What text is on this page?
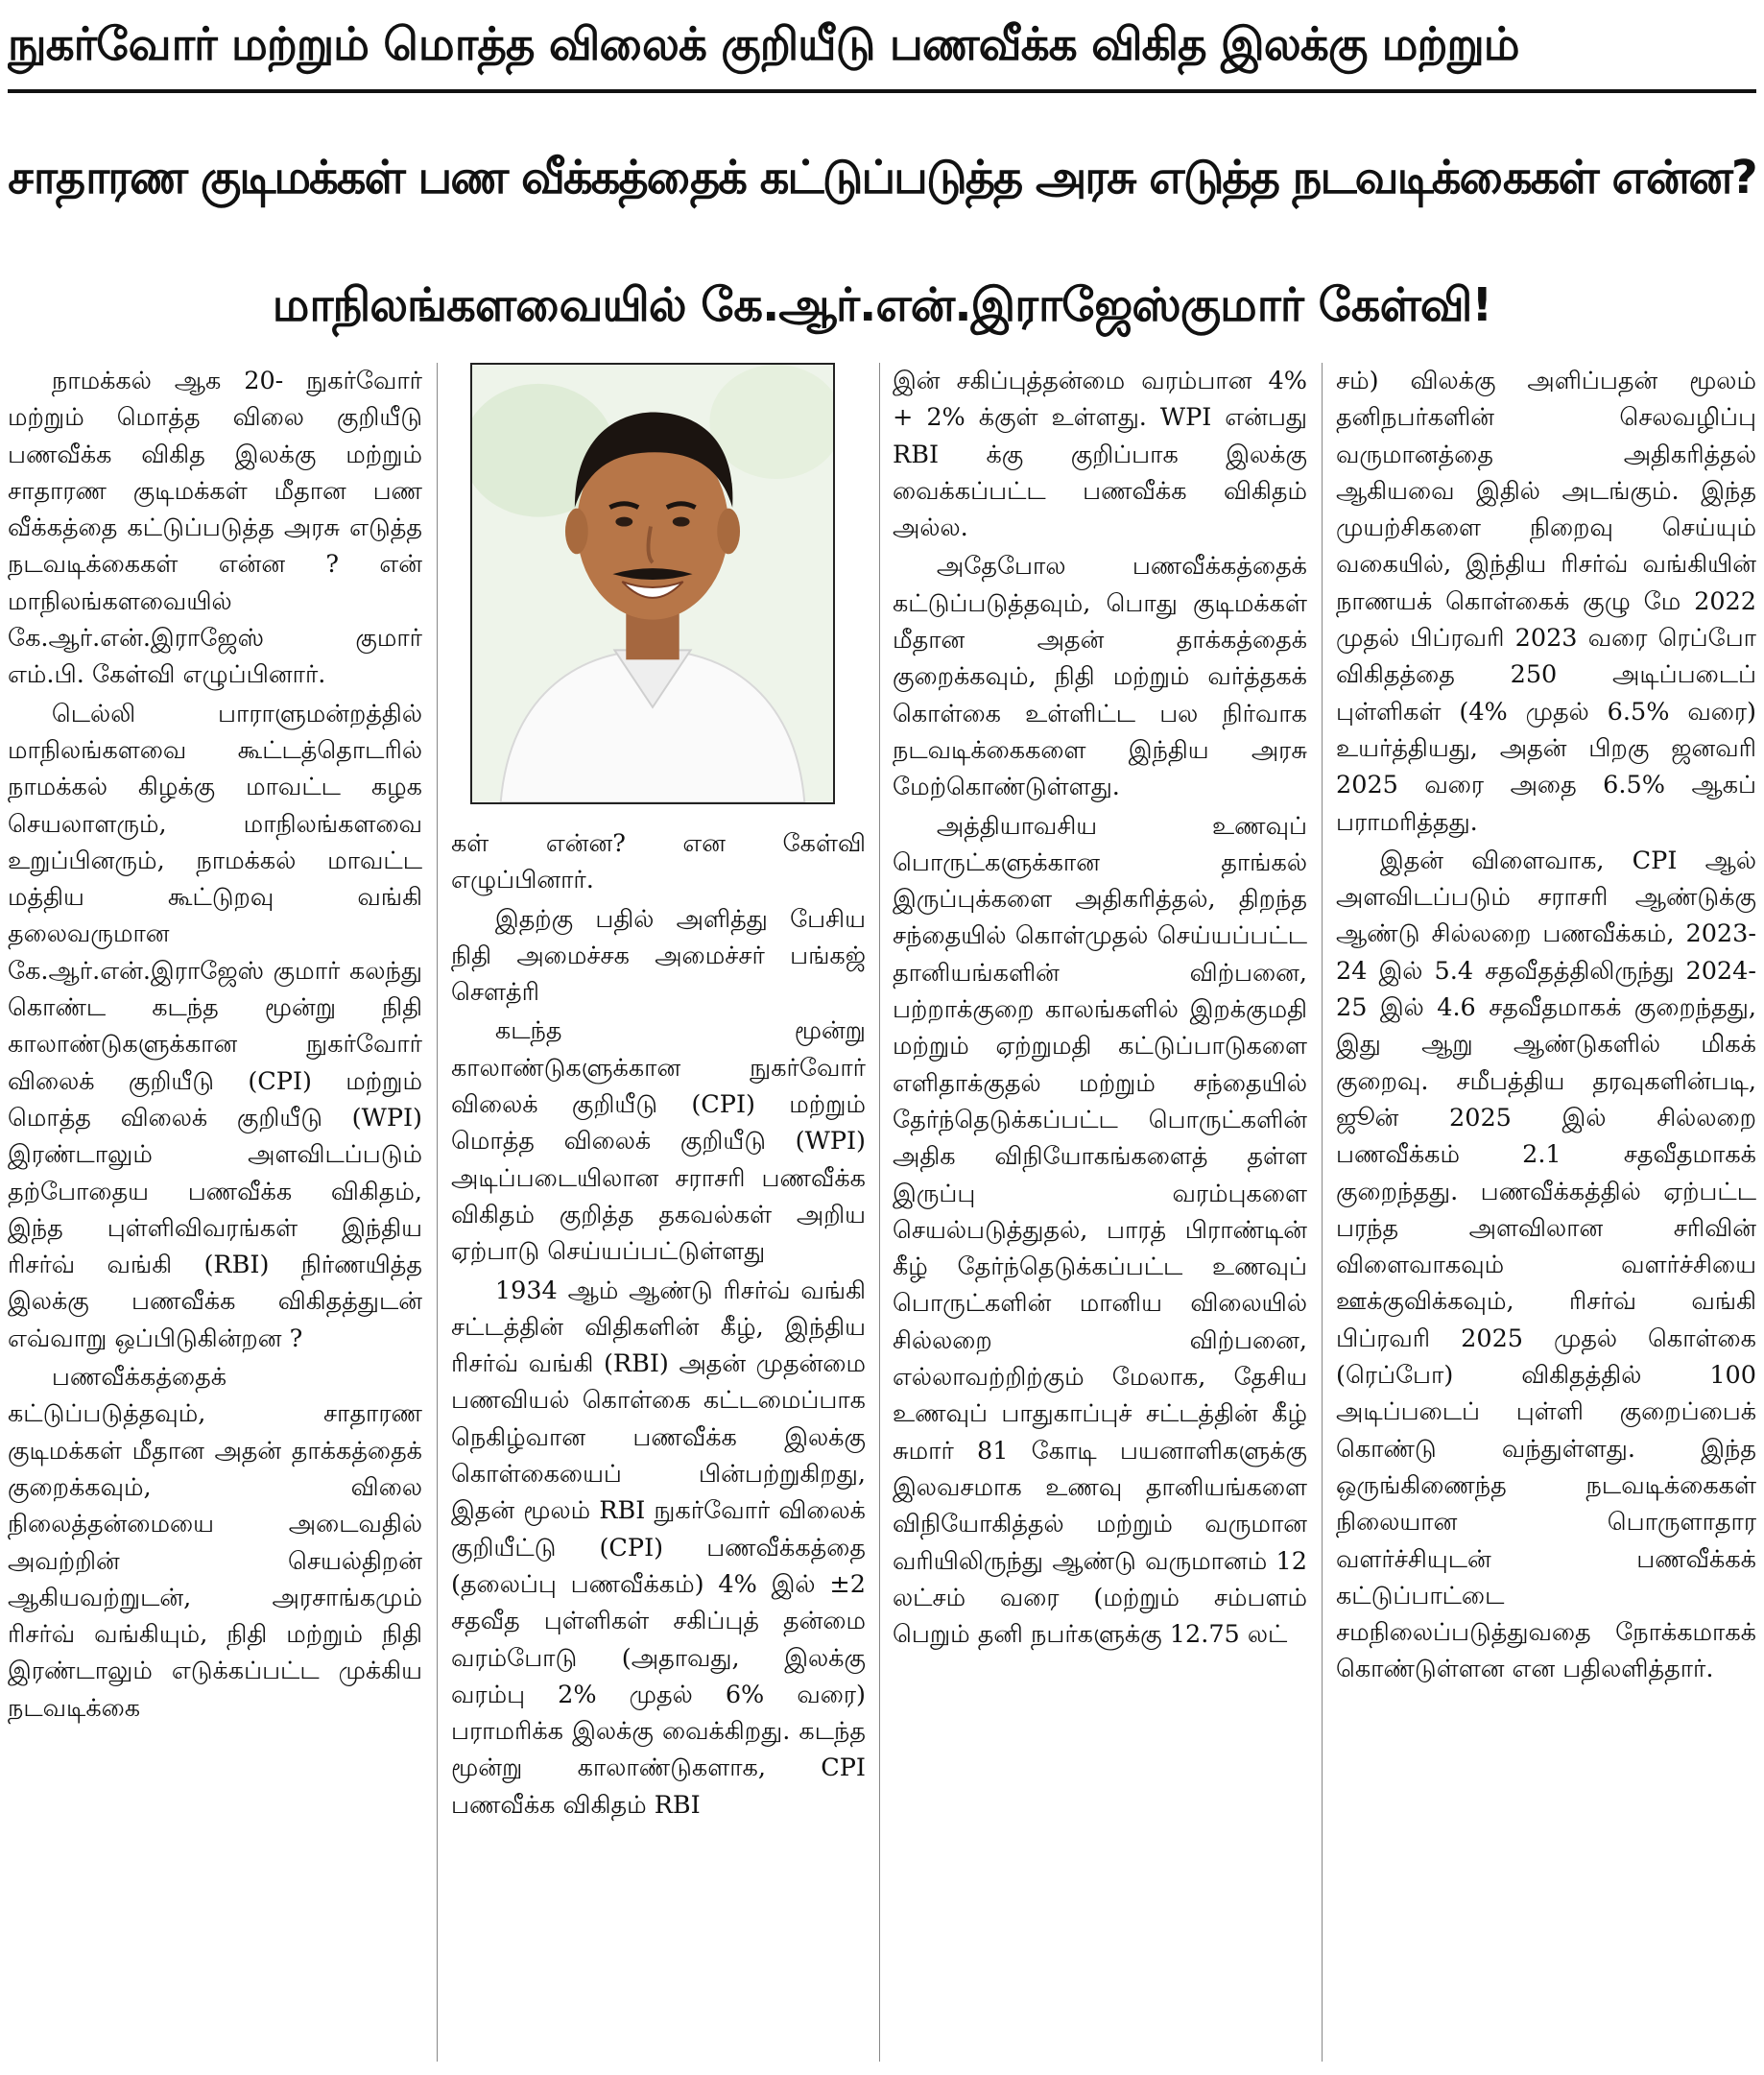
நுகர்வோர் மற்றும் மொத்த விலைக் குறியீடு பணவீக்க விகித இலக்கு மற்றும்
சாதாரண குடிமக்கள் பண வீக்கத்தைக் கட்டுப்படுத்த அரசு எடுத்த நடவடிக்கைகள் என்ன?
மாநிலங்களவையில் கே.ஆர்.என்.இராஜேஸ்குமார் கேள்வி!

நாமக்கல் ஆக 20- நுகர்வோர் மற்றும் மொத்த விலை குறியீடு பணவீக்க விகித இலக்கு மற்றும் சாதாரண குடிமக்கள் மீதான பண வீக்கத்தை கட்டுப்படுத்த அரசு எடுத்த நடவடிக்கைகள் என்ன ? என் மாநிலங்களவையில் கே.ஆர்.என்.இராஜேஸ் குமார் எம்.பி. கேள்வி எழுப்பினார்.

டெல்லி பாராளுமன்றத்தில் மாநிலங்களவை கூட்டத்தொடரில் நாமக்கல் கிழக்கு மாவட்ட கழக செயலாளரும், மாநிலங்களவை உறுப்பினரும், நாமக்கல் மாவட்ட மத்திய கூட்டுறவு வங்கி தலைவருமான கே.ஆர்.என்.இராஜேஸ் குமார் கலந்து கொண்ட கடந்த மூன்று நிதி காலாண்டுகளுக்கான நுகர்வோர் விலைக் குறியீடு (CPI) மற்றும் மொத்த விலைக் குறியீடு (WPI) இரண்டாலும் அளவிடப்படும் தற்போதைய பணவீக்க விகிதம், இந்த புள்ளிவிவரங்கள் இந்திய ரிசர்வ் வங்கி (RBI) நிர்ணயித்த இலக்கு பணவீக்க விகிதத்துடன் எவ்வாறு ஒப்பிடுகின்றன ?

பணவீக்கத்தைக் கட்டுப்படுத்தவும், சாதாரண குடிமக்கள் மீதான அதன் தாக்கத்தைக் குறைக்கவும், விலை நிலைத்தன்மையை அடைவதில் அவற்றின் செயல்திறன் ஆகியவற்றுடன், அரசாங்கமும் ரிசர்வ் வங்கியும், நிதி மற்றும் நிதி இரண்டாலும் எடுக்கப்பட்ட முக்கிய நடவடிக்கை

கள் என்ன? என கேள்வி எழுப்பினார்.

இதற்கு பதில் அளித்து பேசிய நிதி அமைச்சக அமைச்சர் பங்கஜ் சௌத்ரி

கடந்த மூன்று காலாண்டுகளுக்கான நுகர்வோர் விலைக் குறியீடு (CPI) மற்றும் மொத்த விலைக் குறியீடு (WPI) அடிப்படையிலான சராசரி பணவீக்க விகிதம் குறித்த தகவல்கள் அறிய ஏற்பாடு செய்யப்பட்டுள்ளது

1934 ஆம் ஆண்டு ரிசர்வ் வங்கி சட்டத்தின் விதிகளின் கீழ், இந்திய ரிசர்வ் வங்கி (RBI) அதன் முதன்மை பணவியல் கொள்கை கட்டமைப்பாக நெகிழ்வான பணவீக்க இலக்கு கொள்கையைப் பின்பற்றுகிறது, இதன் மூலம் RBI நுகர்வோர் விலைக் குறியீட்டு (CPI) பணவீக்கத்தை (தலைப்பு பணவீக்கம்) 4% இல் ±2 சதவீத புள்ளிகள் சகிப்புத் தன்மை வரம்போடு (அதாவது, இலக்கு வரம்பு 2% முதல் 6% வரை) பராமரிக்க இலக்கு வைக்கிறது. கடந்த மூன்று காலாண்டுகளாக, CPI பணவீக்க விகிதம் RBI

இன் சகிப்புத்தன்மை வரம்பான 4% + 2% க்குள் உள்ளது. WPI என்பது RBI க்கு குறிப்பாக இலக்கு வைக்கப்பட்ட பணவீக்க விகிதம் அல்ல.

அதேபோல பணவீக்கத்தைக் கட்டுப்படுத்தவும், பொது குடிமக்கள் மீதான அதன் தாக்கத்தைக் குறைக்கவும், நிதி மற்றும் வர்த்தகக் கொள்கை உள்ளிட்ட பல நிர்வாக நடவடிக்கைகளை இந்திய அரசு மேற்கொண்டுள்ளது.

அத்தியாவசிய உணவுப் பொருட்களுக்கான தாங்கல் இருப்புக்களை அதிகரித்தல், திறந்த சந்தையில் கொள்முதல் செய்யப்பட்ட தானியங்களின் விற்பனை, பற்றாக்குறை காலங்களில் இறக்குமதி மற்றும் ஏற்றுமதி கட்டுப்பாடுகளை எளிதாக்குதல் மற்றும் சந்தையில் தேர்ந்தெடுக்கப்பட்ட பொருட்களின் அதிக விநியோகங்களைத் தள்ள இருப்பு வரம்புகளை செயல்படுத்துதல், பாரத் பிராண்டின் கீழ் தேர்ந்தெடுக்கப்பட்ட உணவுப் பொருட்களின் மானிய விலையில் சில்லறை விற்பனை, எல்லாவற்றிற்கும் மேலாக, தேசிய உணவுப் பாதுகாப்புச் சட்டத்தின் கீழ் சுமார் 81 கோடி பயனாளிகளுக்கு இலவசமாக உணவு தானியங்களை விநியோகித்தல் மற்றும் வருமான வரியிலிருந்து ஆண்டு வருமானம் 12 லட்சம் வரை (மற்றும் சம்பளம் பெறும் தனி நபர்களுக்கு 12.75 லட்

சம்) விலக்கு அளிப்பதன் மூலம் தனிநபர்களின் செலவழிப்பு வருமானத்தை அதிகரித்தல் ஆகியவை இதில் அடங்கும். இந்த முயற்சிகளை நிறைவு செய்யும் வகையில், இந்திய ரிசர்வ் வங்கியின் நாணயக் கொள்கைக் குழு மே 2022 முதல் பிப்ரவரி 2023 வரை ரெப்போ விகிதத்தை 250 அடிப்படைப் புள்ளிகள் (4% முதல் 6.5% வரை) உயர்த்தியது, அதன் பிறகு ஜனவரி 2025 வரை அதை 6.5% ஆகப் பராமரித்தது.

இதன் விளைவாக, CPI ஆல் அளவிடப்படும் சராசரி ஆண்டுக்கு ஆண்டு சில்லறை பணவீக்கம், 2023-24 இல் 5.4 சதவீதத்திலிருந்து 2024-25 இல் 4.6 சதவீதமாகக் குறைந்தது, இது ஆறு ஆண்டுகளில் மிகக் குறைவு. சமீபத்திய தரவுகளின்படி, ஜூன் 2025 இல் சில்லறை பணவீக்கம் 2.1 சதவீதமாகக் குறைந்தது. பணவீக்கத்தில் ஏற்பட்ட பரந்த அளவிலான சரிவின் விளைவாகவும் வளர்ச்சியை ஊக்குவிக்கவும், ரிசர்வ் வங்கி பிப்ரவரி 2025 முதல் கொள்கை (ரெப்போ) விகிதத்தில் 100 அடிப்படைப் புள்ளி குறைப்பைக் கொண்டு வந்துள்ளது. இந்த ஒருங்கிணைந்த நடவடிக்கைகள் நிலையான பொருளாதார வளர்ச்சியுடன் பணவீக்கக் கட்டுப்பாட்டை சமநிலைப்படுத்துவதை நோக்கமாகக் கொண்டுள்ளன என பதிலளித்தார்.
